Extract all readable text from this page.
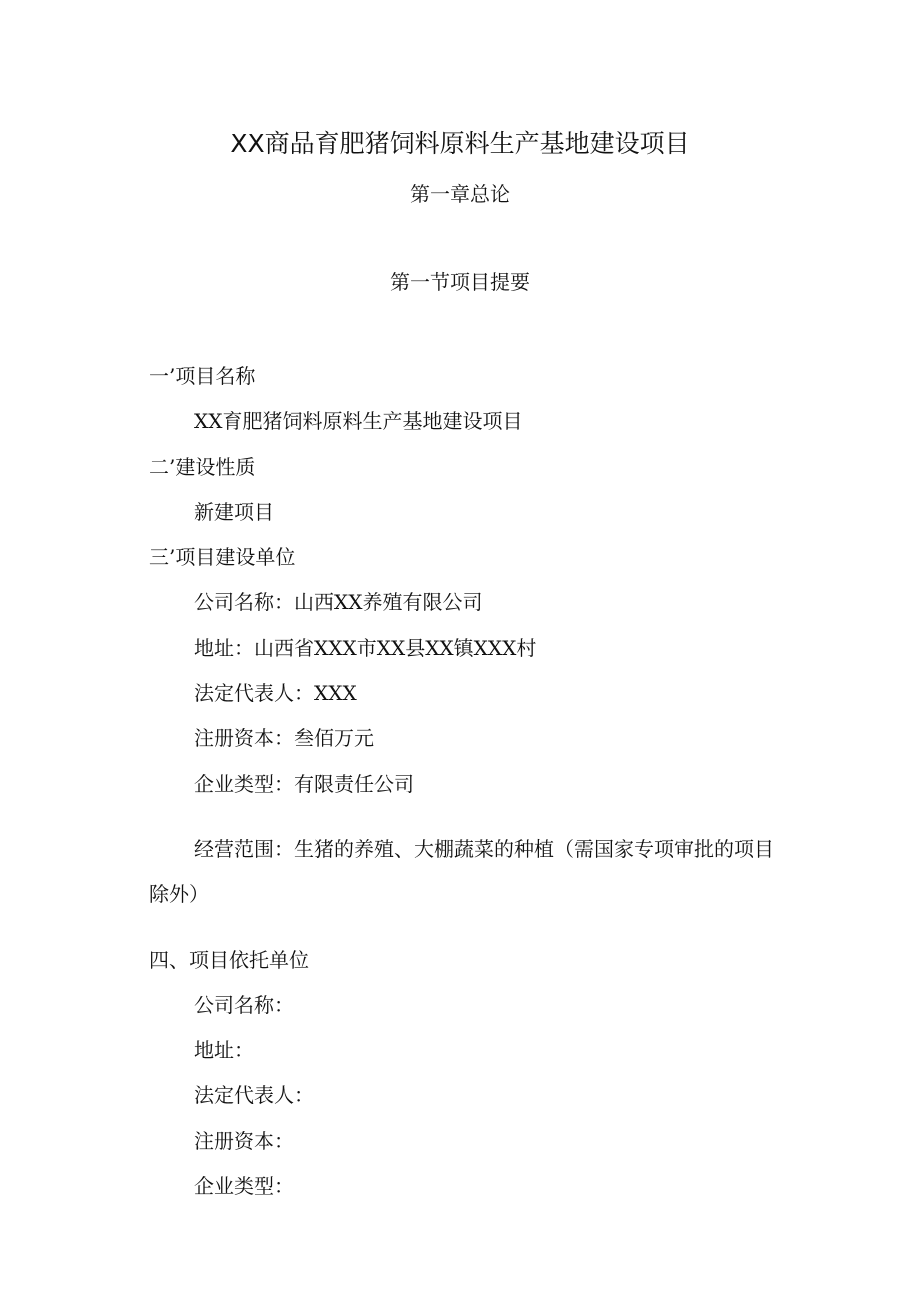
XX商品育肥猪饲料原料生产基地建设项目
第一章总论
第一节项目提要

一’项目名称

XX育肥猪饲料原料生产基地建设项目

二’建设性质

新建项目

三’项目建设单位

公司名称：山西XX养殖有限公司

地址：山西省XXX市XX县XX镇XXX村

法定代表人：XXX

注册资本：叁佰万元

企业类型：有限责任公司

经营范围：生猪的养殖、大棚蔬菜的种植（需国家专项审批的项目除外）

四、项目依托单位

公司名称：

地址：

法定代表人：

注册资本：

企业类型：
